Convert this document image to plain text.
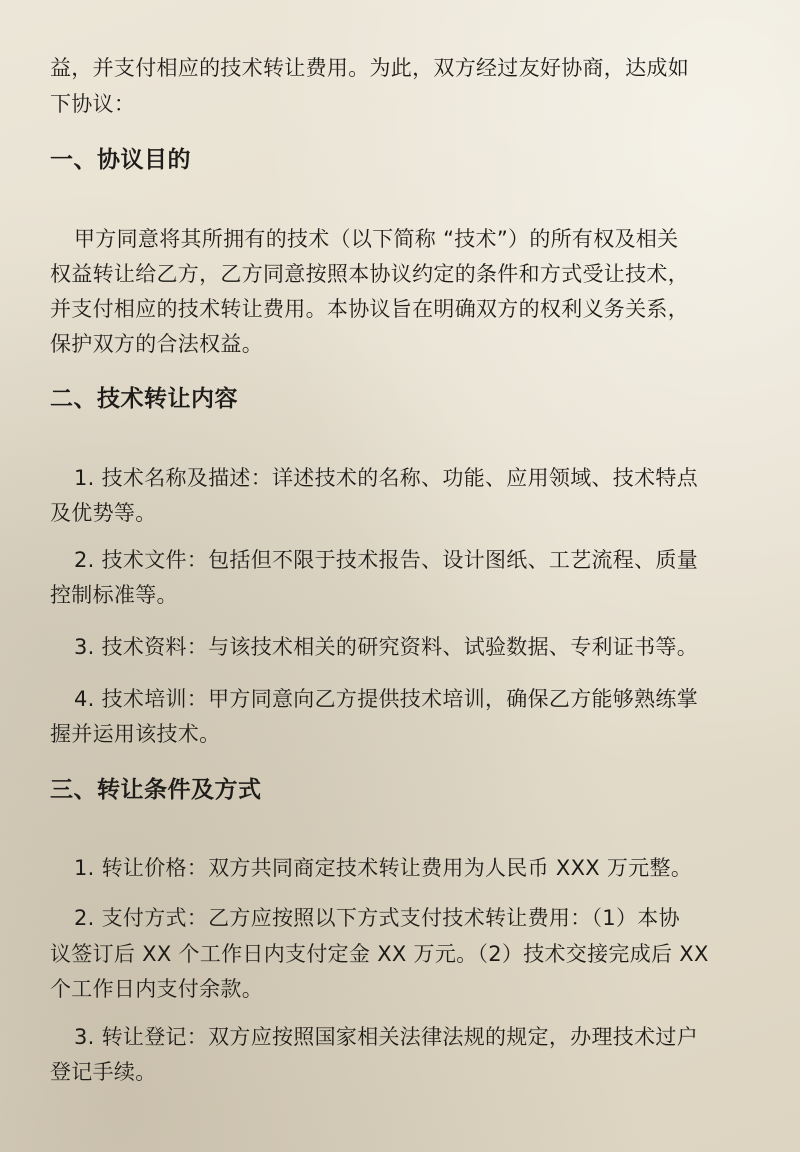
益，并支付相应的技术转让费用。为此，双方经过友好协商，达成如
下协议：
一、协议目的
甲方同意将其所拥有的技术（以下简称 “技术”）的所有权及相关
权益转让给乙方，乙方同意按照本协议约定的条件和方式受让技术，
并支付相应的技术转让费用。本协议旨在明确双方的权利义务关系，
保护双方的合法权益。
二、技术转让内容
1. 技术名称及描述：详述技术的名称、功能、应用领域、技术特点
及优势等。
2. 技术文件：包括但不限于技术报告、设计图纸、工艺流程、质量
控制标准等。
3. 技术资料：与该技术相关的研究资料、试验数据、专利证书等。
4. 技术培训：甲方同意向乙方提供技术培训，确保乙方能够熟练掌
握并运用该技术。
三、转让条件及方式
1. 转让价格：双方共同商定技术转让费用为人民币 XXX 万元整。
2. 支付方式：乙方应按照以下方式支付技术转让费用：（1）本协
议签订后 XX 个工作日内支付定金 XX 万元。（2）技术交接完成后 XX
个工作日内支付余款。
3. 转让登记：双方应按照国家相关法律法规的规定，办理技术过户
登记手续。
